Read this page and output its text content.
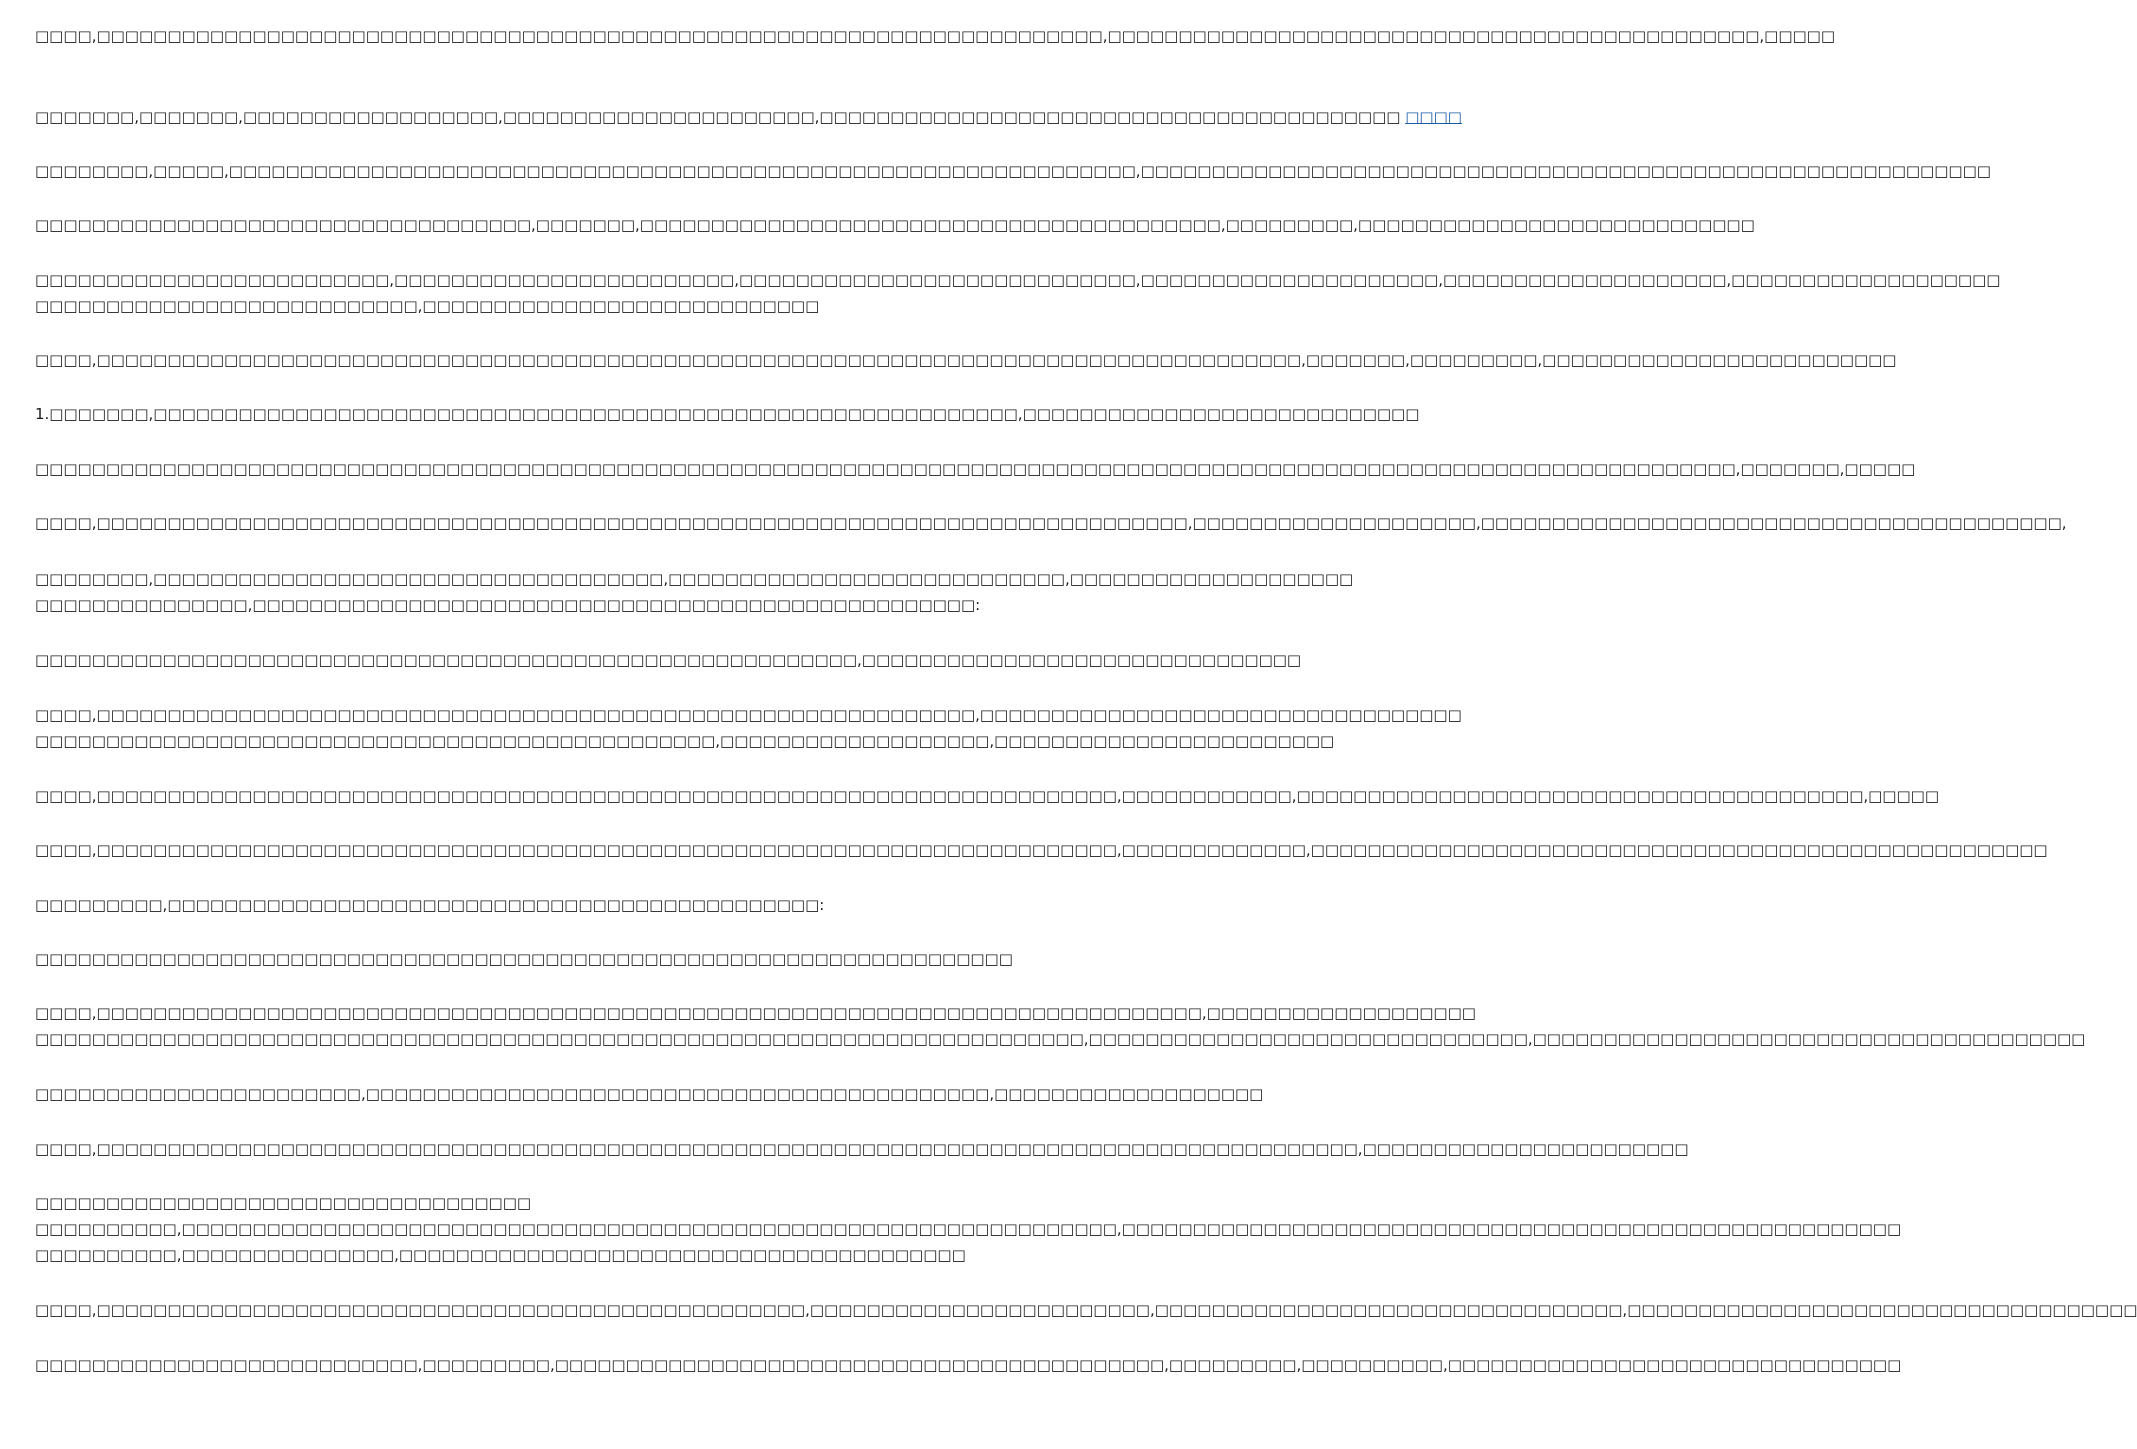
□□□□,□□□□□□□□□□□□□□□□□□□□□□□□□□□□□□□□□□□□□□□□□□□□□□□□□□□□□□□□□□□□□□□□□□□□□□□,□□□□□□□□□□□□□□□□□□□□□□□□□□□□□□□□□□□□□□□□□□□□□□,□□□□□
□□□□□□□,□□□□□□□,□□□□□□□□□□□□□□□□□□,□□□□□□□□□□□□□□□□□□□□□□,□□□□□□□□□□□□□□□□□□□□□□□□□□□□□□□□□□□□□□□□□ □□□□
□□□□□□□□,□□□□□,□□□□□□□□□□□□□□□□□□□□□□□□□□□□□□□□□□□□□□□□□□□□□□□□□□□□□□□□□□□□□□□□,□□□□□□□□□□□□□□□□□□□□□□□□□□□□□□□□□□□□□□□□□□□□□□□□□□□□□□□□□□□□
□□□□□□□□□□□□□□□□□□□□□□□□□□□□□□□□□□□,□□□□□□□,□□□□□□□□□□□□□□□□□□□□□□□□□□□□□□□□□□□□□□□□□,□□□□□□□□□,□□□□□□□□□□□□□□□□□□□□□□□□□□□□
□□□□□□□□□□□□□□□□□□□□□□□□□,□□□□□□□□□□□□□□□□□□□□□□□□,□□□□□□□□□□□□□□□□□□□□□□□□□□□□,□□□□□□□□□□□□□□□□□□□□□,□□□□□□□□□□□□□□□□□□□□,□□□□□□□□□□□□□□□□□□□
□□□□□□□□□□□□□□□□□□□□□□□□□□□,□□□□□□□□□□□□□□□□□□□□□□□□□□□□
□□□□,□□□□□□□□□□□□□□□□□□□□□□□□□□□□□□□□□□□□□□□□□□□□□□□□□□□□□□□□□□□□□□□□□□□□□□□□□□□□□□□□□□□□□,□□□□□□□,□□□□□□□□□,□□□□□□□□□□□□□□□□□□□□□□□□□
1.□□□□□□□,□□□□□□□□□□□□□□□□□□□□□□□□□□□□□□□□□□□□□□□□□□□□□□□□□□□□□□□□□□□□□,□□□□□□□□□□□□□□□□□□□□□□□□□□□□
□□□□□□□□□□□□□□□□□□□□□□□□□□□□□□□□□□□□□□□□□□□□□□□□□□□□□□□□□□□□□□□□□□□□□□□□□□□□□□□□□□□□□□□□□□□□□□□□□□□□□□□□□□□□□□□□□□□□□□□□,□□□□□□□,□□□□□
□□□□,□□□□□□□□□□□□□□□□□□□□□□□□□□□□□□□□□□□□□□□□□□□□□□□□□□□□□□□□□□□□□□□□□□□□□□□□□□□□□,□□□□□□□□□□□□□□□□□□□□,□□□□□□□□□□□□□□□□□□□□□□□□□□□□□□□□□□□□□□□□□,
□□□□□□□□,□□□□□□□□□□□□□□□□□□□□□□□□□□□□□□□□□□□□,□□□□□□□□□□□□□□□□□□□□□□□□□□□□,□□□□□□□□□□□□□□□□□□□□
□□□□□□□□□□□□□□□,□□□□□□□□□□□□□□□□□□□□□□□□□□□□□□□□□□□□□□□□□□□□□□□□□□□:
□□□□□□□□□□□□□□□□□□□□□□□□□□□□□□□□□□□□□□□□□□□□□□□□□□□□□□□□□□,□□□□□□□□□□□□□□□□□□□□□□□□□□□□□□□
□□□□,□□□□□□□□□□□□□□□□□□□□□□□□□□□□□□□□□□□□□□□□□□□□□□□□□□□□□□□□□□□□□□,□□□□□□□□□□□□□□□□□□□□□□□□□□□□□□□□□□
□□□□□□□□□□□□□□□□□□□□□□□□□□□□□□□□□□□□□□□□□□□□□□□□,□□□□□□□□□□□□□□□□□□□,□□□□□□□□□□□□□□□□□□□□□□□□
□□□□,□□□□□□□□□□□□□□□□□□□□□□□□□□□□□□□□□□□□□□□□□□□□□□□□□□□□□□□□□□□□□□□□□□□□□□□□,□□□□□□□□□□□□,□□□□□□□□□□□□□□□□□□□□□□□□□□□□□□□□□□□□□□□□,□□□□□
□□□□,□□□□□□□□□□□□□□□□□□□□□□□□□□□□□□□□□□□□□□□□□□□□□□□□□□□□□□□□□□□□□□□□□□□□□□□□,□□□□□□□□□□□□□,□□□□□□□□□□□□□□□□□□□□□□□□□□□□□□□□□□□□□□□□□□□□□□□□□□□□
□□□□□□□□□,□□□□□□□□□□□□□□□□□□□□□□□□□□□□□□□□□□□□□□□□□□□□□□:
□□□□□□□□□□□□□□□□□□□□□□□□□□□□□□□□□□□□□□□□□□□□□□□□□□□□□□□□□□□□□□□□□□□□□
□□□□,□□□□□□□□□□□□□□□□□□□□□□□□□□□□□□□□□□□□□□□□□□□□□□□□□□□□□□□□□□□□□□□□□□□□□□□□□□□□□□,□□□□□□□□□□□□□□□□□□□
□□□□□□□□□□□□□□□□□□□□□□□□□□□□□□□□□□□□□□□□□□□□□□□□□□□□□□□□□□□□□□□□□□□□□□□□□□,□□□□□□□□□□□□□□□□□□□□□□□□□□□□□□□,□□□□□□□□□□□□□□□□□□□□□□□□□□□□□□□□□□□□□□□
□□□□□□□□□□□□□□□□□□□□□□□,□□□□□□□□□□□□□□□□□□□□□□□□□□□□□□□□□□□□□□□□□□□□,□□□□□□□□□□□□□□□□□□□
□□□□,□□□□□□□□□□□□□□□□□□□□□□□□□□□□□□□□□□□□□□□□□□□□□□□□□□□□□□□□□□□□□□□□□□□□□□□□□□□□□□□□□□□□□□□□□,□□□□□□□□□□□□□□□□□□□□□□□
□□□□□□□□□□□□□□□□□□□□□□□□□□□□□□□□□□□
□□□□□□□□□□,□□□□□□□□□□□□□□□□□□□□□□□□□□□□□□□□□□□□□□□□□□□□□□□□□□□□□□□□□□□□□□□□□□,□□□□□□□□□□□□□□□□□□□□□□□□□□□□□□□□□□□□□□□□□□□□□□□□□□□□□□□
□□□□□□□□□□,□□□□□□□□□□□□□□□,□□□□□□□□□□□□□□□□□□□□□□□□□□□□□□□□□□□□□□□□
□□□□,□□□□□□□□□□□□□□□□□□□□□□□□□□□□□□□□□□□□□□□□□□□□□□□□□□,□□□□□□□□□□□□□□□□□□□□□□□□,□□□□□□□□□□□□□□□□□□□□□□□□□□□□□□□□□,□□□□□□□□□□□□□□□□□□□□□□□□□□□□□□□□□□□□
□□□□□□□□□□□□□□□□□□□□□□□□□□□,□□□□□□□□□,□□□□□□□□□□□□□□□□□□□□□□□□□□□□□□□□□□□□□□□□□□□,□□□□□□□□□,□□□□□□□□□□,□□□□□□□□□□□□□□□□□□□□□□□□□□□□□□□□
